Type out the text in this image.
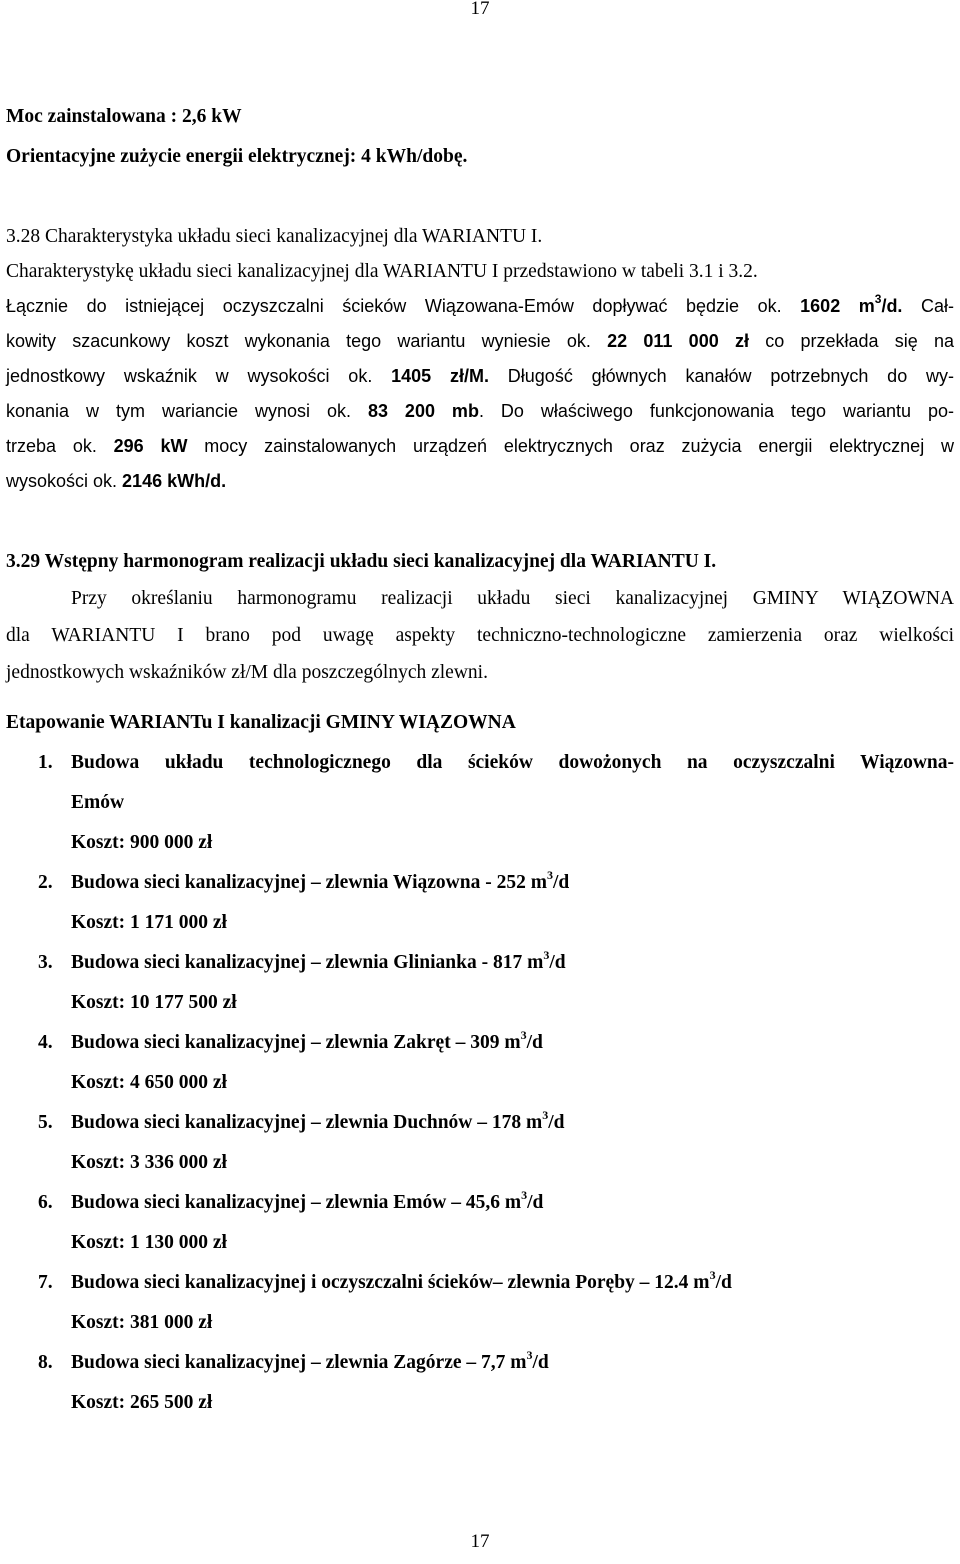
17
Moc zainstalowana : 2,6 kW
Orientacyjne zużycie energii elektrycznej: 4 kWh/dobę.
3.28 Charakterystyka układu sieci kanalizacyjnej dla WARIANTU I.
Charakterystykę układu sieci kanalizacyjnej dla WARIANTU I przedstawiono w tabeli 3.1 i 3.2.
Łącznie do istniejącej oczyszczalni ścieków Wiązowana-Emów dopływać będzie ok. 1602 $m^3/d$. Cał-
kowity szacunkowy koszt wykonania tego wariantu wyniesie ok. 22 011 000 zł co przekłada się na
jednostkowy wskaźnik w wysokości ok. 1405 zł/M. Długość głównych kanałów potrzebnych do wy-
konania w tym wariancie wynosi ok. 83 200 mb. Do właściwego funkcjonowania tego wariantu po-
trzeba ok. 296 kW mocy zainstalowanych urządzeń elektrycznych oraz zużycia energii elektrycznej w
wysokości ok. 2146 kWh/d.
3.29 Wstępny harmonogram realizacji układu sieci kanalizacyjnej dla WARIANTU I.
Przy określaniu harmonogramu realizacji układu sieci kanalizacyjnej GMINY WIĄZOWNA
dla WARIANTU I brano pod uwagę aspekty techniczno-technologiczne zamierzenia oraz wielkości
jednostkowych wskaźników zł/M dla poszczególnych zlewni.
Etapowanie WARIANTu I kanalizacji GMINY WIĄZOWNA
1. Budowa układu technologicznego dla ścieków dowożonych na oczyszczalni Wiązowna-
Emów
Koszt: 900 000 zł
2. Budowa sieci kanalizacyjnej – zlewnia Wiązowna - 252 $m^3/d$
Koszt: 1 171 000 zł
3. Budowa sieci kanalizacyjnej – zlewnia Glinianka - 817 $m^3/d$
Koszt: 10 177 500 zł
4. Budowa sieci kanalizacyjnej – zlewnia Zakręt – 309 $m^3/d$
Koszt: 4 650 000 zł
5. Budowa sieci kanalizacyjnej – zlewnia Duchnów – 178 $m^3/d$
Koszt: 3 336 000 zł
6. Budowa sieci kanalizacyjnej – zlewnia Emów – 45,6 $m^3/d$
Koszt: 1 130 000 zł
7. Budowa sieci kanalizacyjnej i oczyszczalni ścieków– zlewnia Poręby – 12.4 $m^3/d$
Koszt: 381 000 zł
8. Budowa sieci kanalizacyjnej – zlewnia Zagórze – 7,7 $m^3/d$
Koszt: 265 500 zł
17
